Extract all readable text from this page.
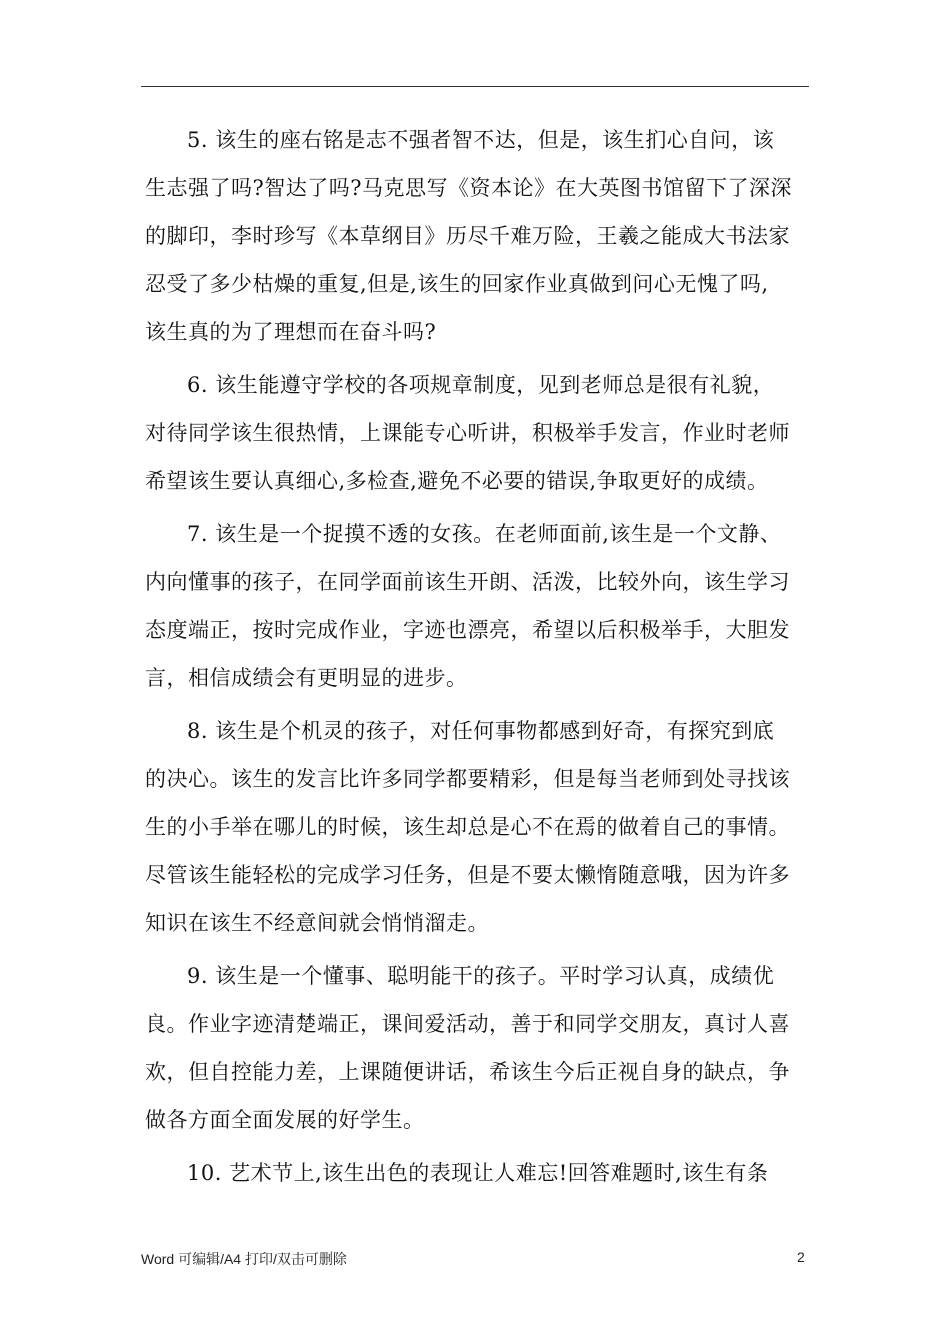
5. 该生的座右铭是志不强者智不达，但是，该生扪心自问，该
生志强了吗?智达了吗?马克思写《资本论》在大英图书馆留下了深深
的脚印，李时珍写《本草纲目》历尽千难万险，王羲之能成大书法家
忍受了多少枯燥的重复,但是,该生的回家作业真做到问心无愧了吗,
该生真的为了理想而在奋斗吗?
6. 该生能遵守学校的各项规章制度，见到老师总是很有礼貌，
对待同学该生很热情，上课能专心听讲，积极举手发言，作业时老师
希望该生要认真细心,多检查,避免不必要的错误,争取更好的成绩。
7. 该生是一个捉摸不透的女孩。在老师面前,该生是一个文静、
内向懂事的孩子，在同学面前该生开朗、活泼，比较外向，该生学习
态度端正，按时完成作业，字迹也漂亮，希望以后积极举手，大胆发
言，相信成绩会有更明显的进步。
8. 该生是个机灵的孩子，对任何事物都感到好奇，有探究到底
的决心。该生的发言比许多同学都要精彩，但是每当老师到处寻找该
生的小手举在哪儿的时候，该生却总是心不在焉的做着自己的事情。
尽管该生能轻松的完成学习任务，但是不要太懒惰随意哦，因为许多
知识在该生不经意间就会悄悄溜走。
9. 该生是一个懂事、聪明能干的孩子。平时学习认真，成绩优
良。作业字迹清楚端正，课间爱活动，善于和同学交朋友，真讨人喜
欢，但自控能力差，上课随便讲话，希该生今后正视自身的缺点，争
做各方面全面发展的好学生。
10. 艺术节上,该生出色的表现让人难忘!回答难题时,该生有条
Word 可编辑/A4 打印/双击可删除	2
